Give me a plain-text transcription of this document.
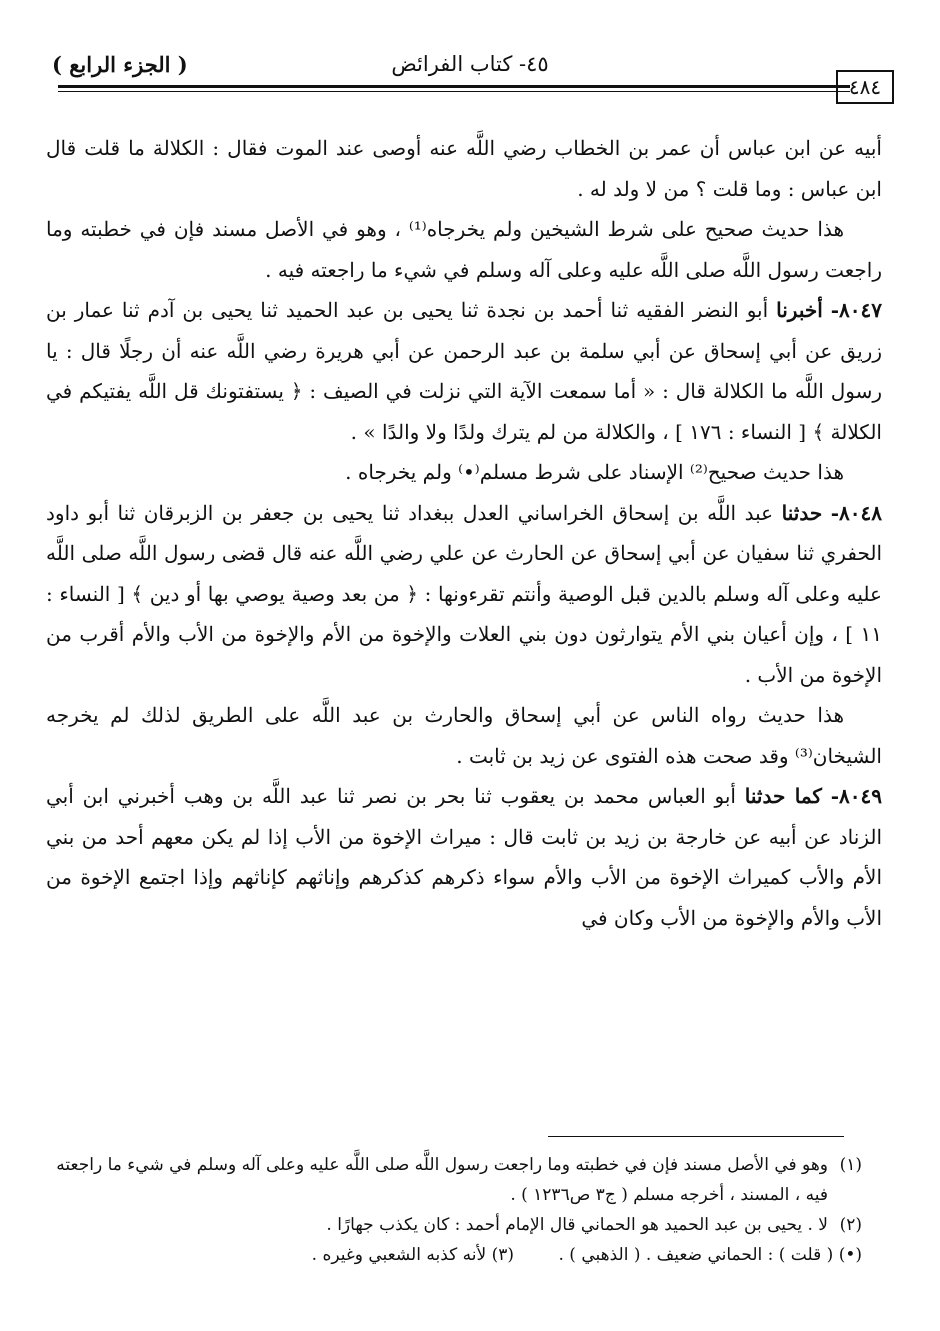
( الجزء الرابع )	٤٥- كتاب الفرائض
٤٨٤

أبيه عن ابن عباس أن عمر بن الخطاب رضي اللَّه عنه أوصى عند الموت فقال : الكلالة ما قلت قال ابن عباس : وما قلت ؟ من لا ولد له .

هذا حديث صحيح على شرط الشيخين ولم يخرجاه⁽¹⁾ ، وهو في الأصل مسند فإن في خطبته وما راجعت رسول اللَّه صلى اللَّه عليه وعلى آله وسلم في شيء ما راجعته فيه .

٨٠٤٧- أخبرنا أبو النضر الفقيه ثنا أحمد بن نجدة ثنا يحيى بن عبد الحميد ثنا يحيى بن آدم ثنا عمار بن زريق عن أبي إسحاق عن أبي سلمة بن عبد الرحمن عن أبي هريرة رضي اللَّه عنه أن رجلًا قال : يا رسول اللَّه ما الكلالة قال : « أما سمعت الآية التي نزلت في الصيف : ﴿ يستفتونك قل اللَّه يفتيكم في الكلالة ﴾ [ النساء : ١٧٦ ] ، والكلالة من لم يترك ولدًا ولا والدًا » .

هذا حديث صحيح⁽²⁾ الإسناد على شرط مسلم⁽•⁾ ولم يخرجاه .

٨٠٤٨- حدثنا عبد اللَّه بن إسحاق الخراساني العدل ببغداد ثنا يحيى بن جعفر بن الزبرقان ثنا أبو داود الحفري ثنا سفيان عن أبي إسحاق عن الحارث عن علي رضي اللَّه عنه قال قضى رسول اللَّه صلى اللَّه عليه وعلى آله وسلم بالدين قبل الوصية وأنتم تقرءونها : ﴿ من بعد وصية يوصي بها أو دين ﴾ [ النساء : ١١ ] ، وإن أعيان بني الأم يتوارثون دون بني العلات والإخوة من الأم والإخوة من الأب والأم أقرب من الإخوة من الأب .

هذا حديث رواه الناس عن أبي إسحاق والحارث بن عبد اللَّه على الطريق لذلك لم يخرجه الشيخان⁽³⁾ وقد صحت هذه الفتوى عن زيد بن ثابت .

٨٠٤٩- كما حدثنا أبو العباس محمد بن يعقوب ثنا بحر بن نصر ثنا عبد اللَّه بن وهب أخبرني ابن أبي الزناد عن أبيه عن خارجة بن زيد بن ثابت قال : ميراث الإخوة من الأب إذا لم يكن معهم أحد من بني الأم والأب كميراث الإخوة من الأب والأم سواء ذكرهم كذكرهم وإناثهم كإناثهم وإذا اجتمع الإخوة من الأب والأم والإخوة من الأب وكان في

(١)
وهو في الأصل مسند فإن في خطبته وما راجعت رسول اللَّه صلى اللَّه عليه وعلى آله وسلم في شيء ما راجعته فيه ، المسند ، أخرجه مسلم ( ج٣ ص١٢٣٦ ) .
(٢)
لا . يحيى بن عبد الحميد هو الحماني قال الإمام أحمد : كان يكذب جهارًا .
(•) ( قلت ) : الحماني ضعيف . ( الذهبي ) .
(٣) لأنه كذبه الشعبي وغيره .
